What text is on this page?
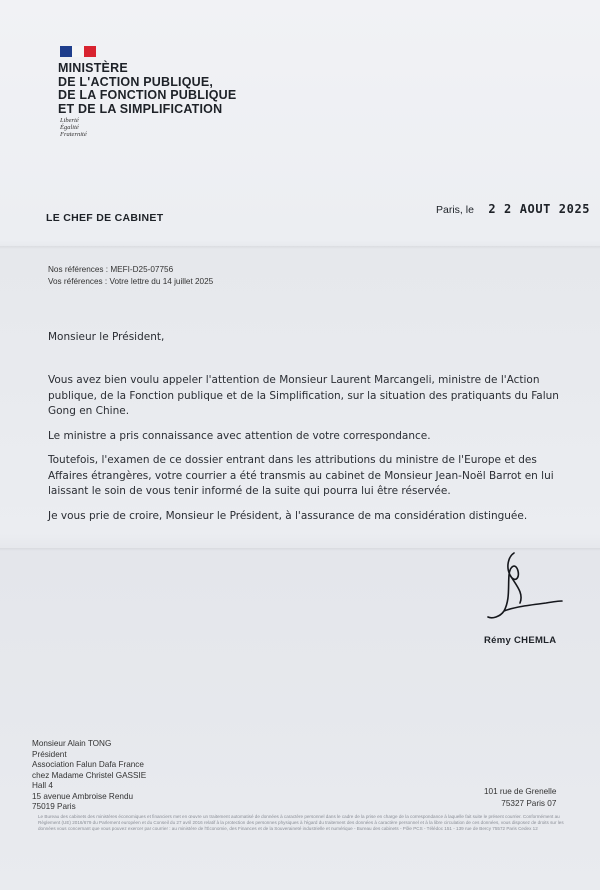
MINISTÈRE
DE L'ACTION PUBLIQUE,
DE LA FONCTION PUBLIQUE
ET DE LA SIMPLIFICATION
Liberté
Égalité
Fraternité
LE CHEF DE CABINET
Paris, le 2 2 AOUT 2025
Nos références : MEFI-D25-07756
Vos références : Votre lettre du 14 juillet 2025
Monsieur le Président,

Vous avez bien voulu appeler l'attention de Monsieur Laurent Marcangeli, ministre de l'Action publique, de la Fonction publique et de la Simplification, sur la situation des pratiquants du Falun Gong en Chine.

Le ministre a pris connaissance avec attention de votre correspondance.

Toutefois, l'examen de ce dossier entrant dans les attributions du ministre de l'Europe et des Affaires étrangères, votre courrier a été transmis au cabinet de Monsieur Jean-Noël Barrot en lui laissant le soin de vous tenir informé de la suite qui pourra lui être réservée.

Je vous prie de croire, Monsieur le Président, à l'assurance de ma considération distinguée.

Rémy CHEMLA
Monsieur Alain TONG
Président
Association Falun Dafa France
chez Madame Christel GASSIE
Hall 4
15 avenue Ambroise Rendu
75019 Paris
101 rue de Grenelle
75327 Paris 07
Le Bureau des cabinets des ministères économiques et financiers met en œuvre un traitement automatisé de données à caractère personnel dans le cadre de la prise en charge de la correspondance à laquelle fait suite le présent courrier. Conformément au Règlement (UE) 2016/679 du Parlement européen et du Conseil du 27 avril 2016 relatif à la protection des personnes physiques à l'égard du traitement des données à caractère personnel et à la libre circulation de ces données, vous disposez de droits sur les données vous concernant que vous pouvez exercer par courrier : au ministère de l'Économie, des Finances et de la Souveraineté industrielle et numérique - Bureau des cabinets - Pôle PCS - Télédoc 151 - 139 rue de Bercy 75572 Paris Cedex 12
